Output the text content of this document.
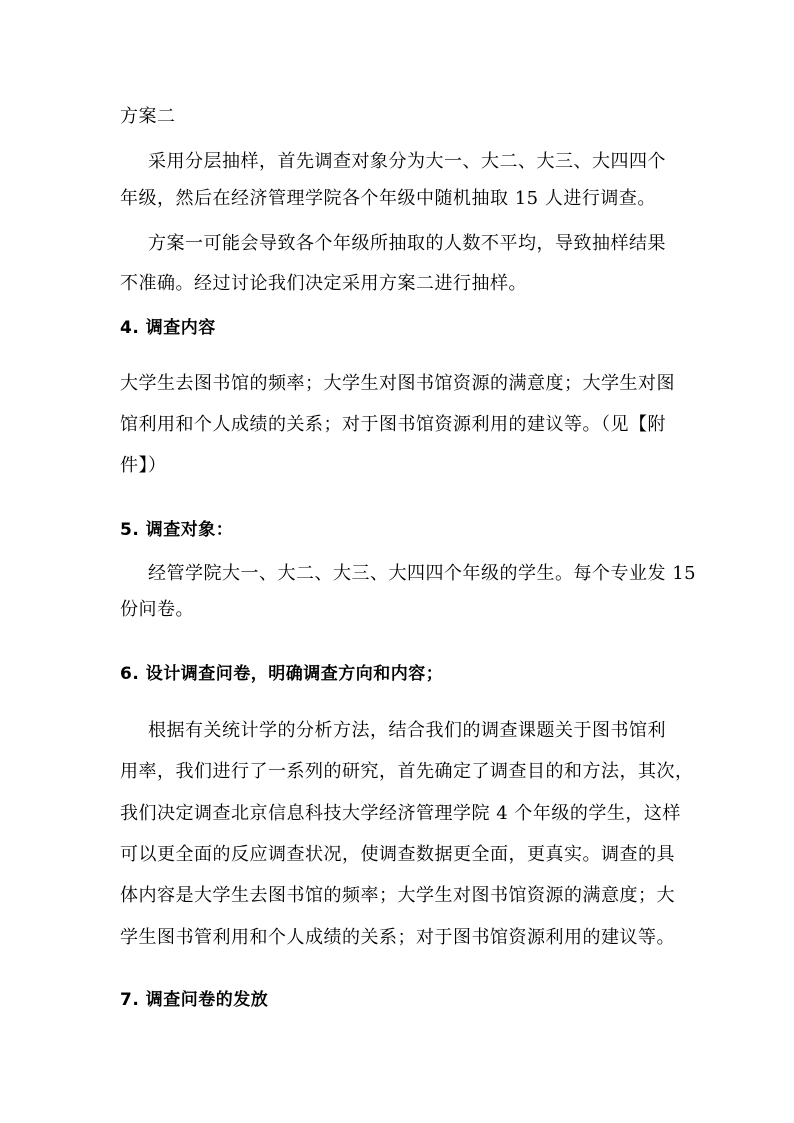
方案二
采用分层抽样，首先调查对象分为大一、大二、大三、大四四个
年级，然后在经济管理学院各个年级中随机抽取 15 人进行调查。
方案一可能会导致各个年级所抽取的人数不平均，导致抽样结果
不准确。经过讨论我们决定采用方案二进行抽样。
4. 调查内容
大学生去图书馆的频率；大学生对图书馆资源的满意度；大学生对图
馆利用和个人成绩的关系；对于图书馆资源利用的建议等。（见【附
件】）
5. 调查对象：
经管学院大一、大二、大三、大四四个年级的学生。每个专业发 15
份问卷。
6. 设计调查问卷，明确调查方向和内容；
根据有关统计学的分析方法，结合我们的调查课题关于图书馆利
用率，我们进行了一系列的研究，首先确定了调查目的和方法，其次，
我们决定调查北京信息科技大学经济管理学院 4 个年级的学生，这样
可以更全面的反应调查状况，使调查数据更全面，更真实。调查的具
体内容是大学生去图书馆的频率；大学生对图书馆资源的满意度；大
学生图书管利用和个人成绩的关系；对于图书馆资源利用的建议等。
7. 调查问卷的发放
